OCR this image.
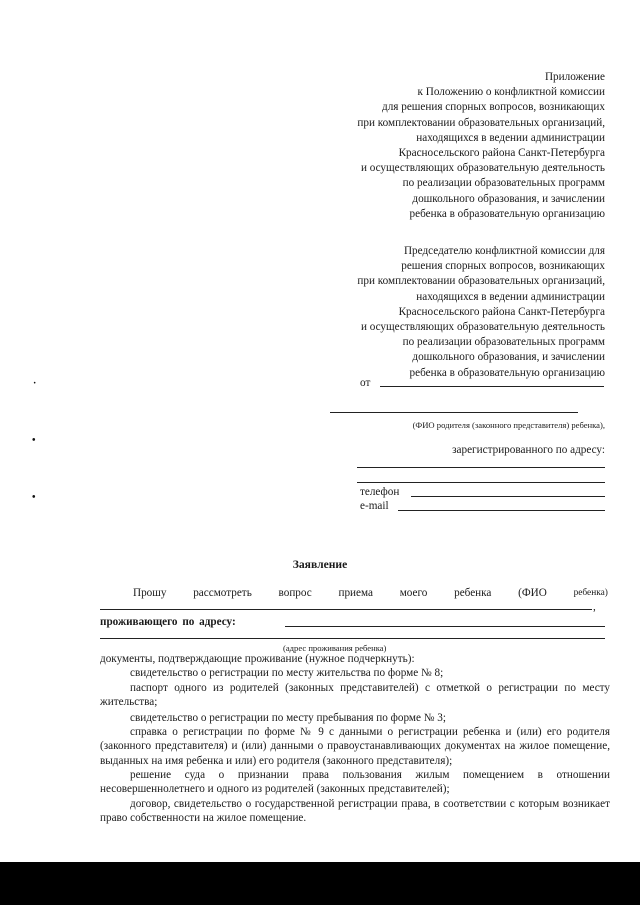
Приложение
к Положению о конфликтной комиссии
для решения спорных вопросов, возникающих
при комплектовании образовательных организаций,
находящихся в ведении администрации
Красносельского района Санкт-Петербурга
и осуществляющих образовательную деятельность
по реализации образовательных программ
дошкольного образования, и зачислении
ребенка в образовательную организацию
Председателю конфликтной комиссии для
решения спорных вопросов, возникающих
при комплектовании образовательных организаций,
находящихся в ведении администрации
Красносельского района Санкт-Петербурга
и осуществляющих образовательную деятельность
по реализации образовательных программ
дошкольного образования, и зачислении
ребенка в образовательную организацию
от
(ФИО родителя (законного представителя) ребенка),
зарегистрированного по адресу:
телефон
e-mail
Заявление
Прошу рассмотреть вопрос приема моего ребенка (ФИО	ребенка)
,
проживающего по адресу:
(адрес проживания ребенка)
документы, подтверждающие проживание (нужное подчеркнуть):
свидетельство о регистрации по месту жительства по форме № 8;
паспорт одного из родителей (законных представителей) с отметкой о регистрации по месту жительства;
свидетельство о регистрации по месту пребывания по форме № 3;
справка о регистрации по форме № 9 с данными о регистрации ребенка и (или) его родителя (законного представителя) и (или) данными о правоустанавливающих документах на жилое помещение, выданных на имя ребенка и или) его родителя (законного представителя);
решение суда о признании права пользования жилым помещением в отношении несовершеннолетнего и одного из родителей (законных представителей);
договор, свидетельство о государственной регистрации права, в соответствии с которым возникает право собственности на жилое помещение.
·
•
•
